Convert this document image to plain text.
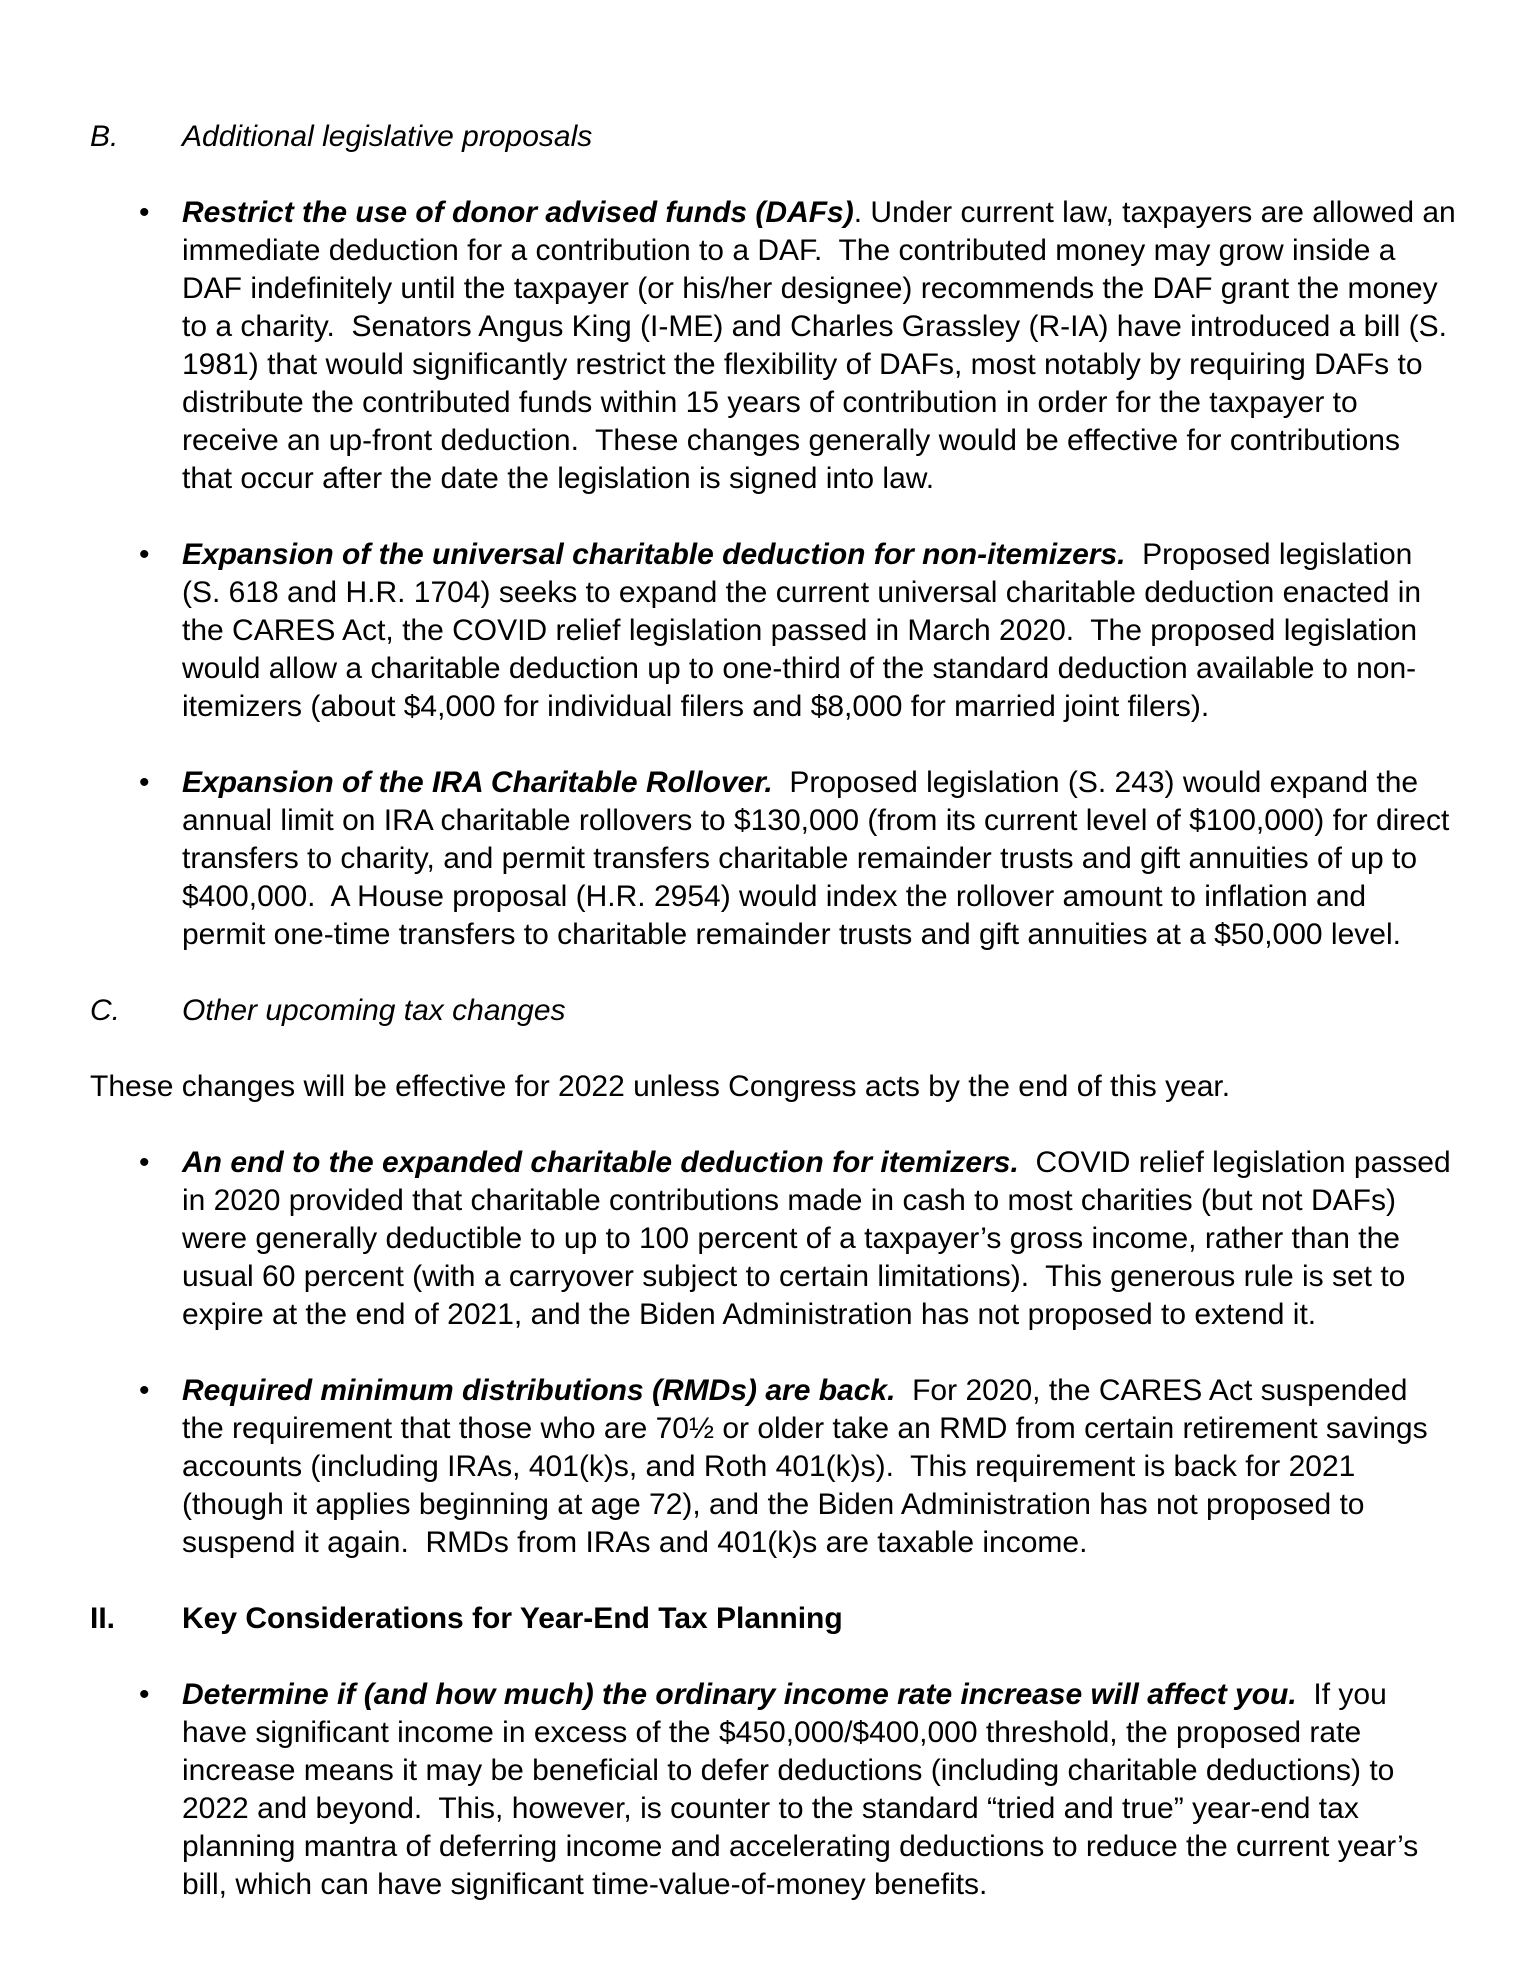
B. Additional legislative proposals
• Restrict the use of donor advised funds (DAFs). Under current law, taxpayers are allowed an immediate deduction for a contribution to a DAF.  The contributed money may grow inside a DAF indefinitely until the taxpayer (or his/her designee) recommends the DAF grant the money to a charity.  Senators Angus King (I-ME) and Charles Grassley (R-IA) have introduced a bill (S. 1981) that would significantly restrict the flexibility of DAFs, most notably by requiring DAFs to distribute the contributed funds within 15 years of contribution in order for the taxpayer to receive an up-front deduction.  These changes generally would be effective for contributions that occur after the date the legislation is signed into law.

• Expansion of the universal charitable deduction for non-itemizers.  Proposed legislation (S. 618 and H.R. 1704) seeks to expand the current universal charitable deduction enacted in the CARES Act, the COVID relief legislation passed in March 2020.  The proposed legislation would allow a charitable deduction up to one-third of the standard deduction available to non-itemizers (about $4,000 for individual filers and $8,000 for married joint filers).

• Expansion of the IRA Charitable Rollover.  Proposed legislation (S. 243) would expand the annual limit on IRA charitable rollovers to $130,000 (from its current level of $100,000) for direct transfers to charity, and permit transfers charitable remainder trusts and gift annuities of up to $400,000.  A House proposal (H.R. 2954) would index the rollover amount to inflation and permit one-time transfers to charitable remainder trusts and gift annuities at a $50,000 level.

C. Other upcoming tax changes
These changes will be effective for 2022 unless Congress acts by the end of this year.
• An end to the expanded charitable deduction for itemizers.  COVID relief legislation passed in 2020 provided that charitable contributions made in cash to most charities (but not DAFs) were generally deductible to up to 100 percent of a taxpayer’s gross income, rather than the usual 60 percent (with a carryover subject to certain limitations).  This generous rule is set to expire at the end of 2021, and the Biden Administration has not proposed to extend it.

• Required minimum distributions (RMDs) are back.  For 2020, the CARES Act suspended the requirement that those who are 70½ or older take an RMD from certain retirement savings accounts (including IRAs, 401(k)s, and Roth 401(k)s).  This requirement is back for 2021 (though it applies beginning at age 72), and the Biden Administration has not proposed to suspend it again.  RMDs from IRAs and 401(k)s are taxable income.

II. Key Considerations for Year-End Tax Planning
• Determine if (and how much) the ordinary income rate increase will affect you.  If you have significant income in excess of the $450,000/$400,000 threshold, the proposed rate increase means it may be beneficial to defer deductions (including charitable deductions) to 2022 and beyond.  This, however, is counter to the standard “tried and true” year-end tax planning mantra of deferring income and accelerating deductions to reduce the current year’s bill, which can have significant time-value-of-money benefits.
